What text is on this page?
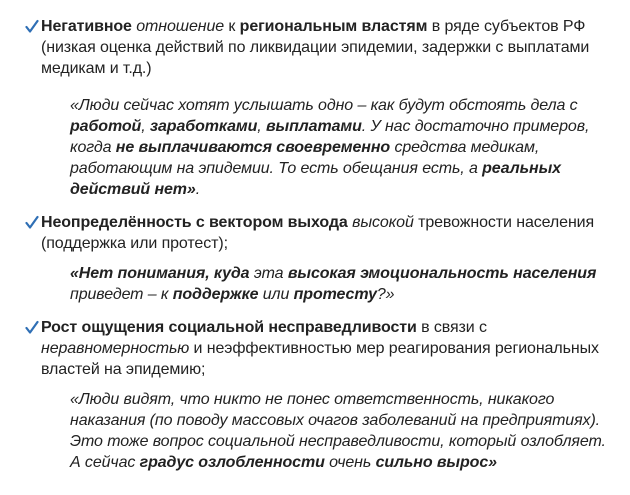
Негативное отношение к региональным властям в ряде субъектов РФ (низкая оценка действий по ликвидации эпидемии, задержки с выплатами медикам и т.д.)
«Люди сейчас хотят услышать одно – как будут обстоять дела с работой, заработками, выплатами. У нас достаточно примеров, когда не выплачиваются своевременно средства медикам, работающим на эпидемии. То есть обещания есть, а реальных действий нет».
Неопределённость с вектором выхода высокой тревожности населения (поддержка или протест);
«Нет понимания, куда эта высокая эмоциональность населения приведет – к поддержке или протесту?»
Рост ощущения социальной несправедливости в связи с неравномерностью и неэффективностью мер реагирования региональных властей на эпидемию;
«Люди видят, что никто не понес ответственность, никакого наказания (по поводу массовых очагов заболеваний на предприятиях). Это тоже вопрос социальной несправедливости, который озлобляет. А сейчас градус озлобленности очень сильно вырос»
